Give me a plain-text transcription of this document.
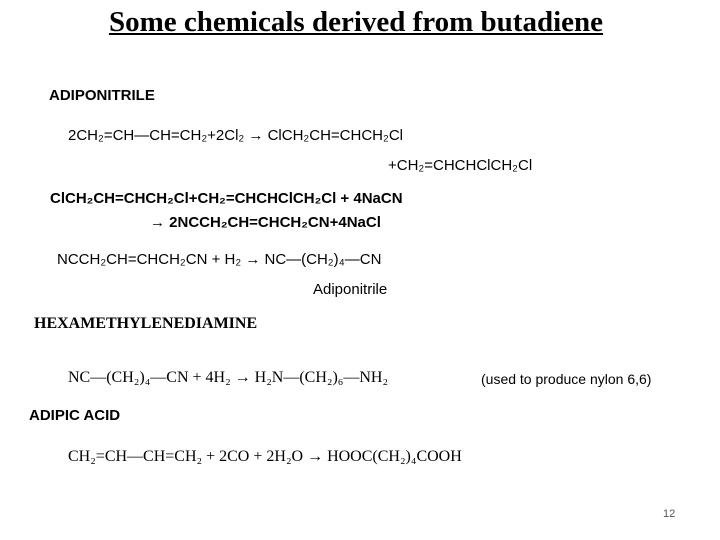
Some chemicals derived from butadiene
ADIPONITRILE
2CH₂=CH—CH=CH₂+2Cl₂ → ClCH₂CH=CHCH₂Cl
+CH₂=CHCHClCH₂Cl
ClCH₂CH=CHCH₂Cl+CH₂=CHCHClCH₂Cl + 4NaCN
→ 2NCCH₂CH=CHCH₂CN+4NaCl
NCCH₂CH=CHCH₂CN + H₂ → NC—(CH₂)₄—CN
Adiponitrile
HEXAMETHYLENEDIAMINE
NC—(CH₂)₄—CN + 4H₂ → H₂N—(CH₂)₆—NH₂	(used to produce nylon 6,6)
ADIPIC ACID
CH₂=CH—CH=CH₂ + 2CO + 2H₂O → HOOC(CH₂)₄COOH
12
